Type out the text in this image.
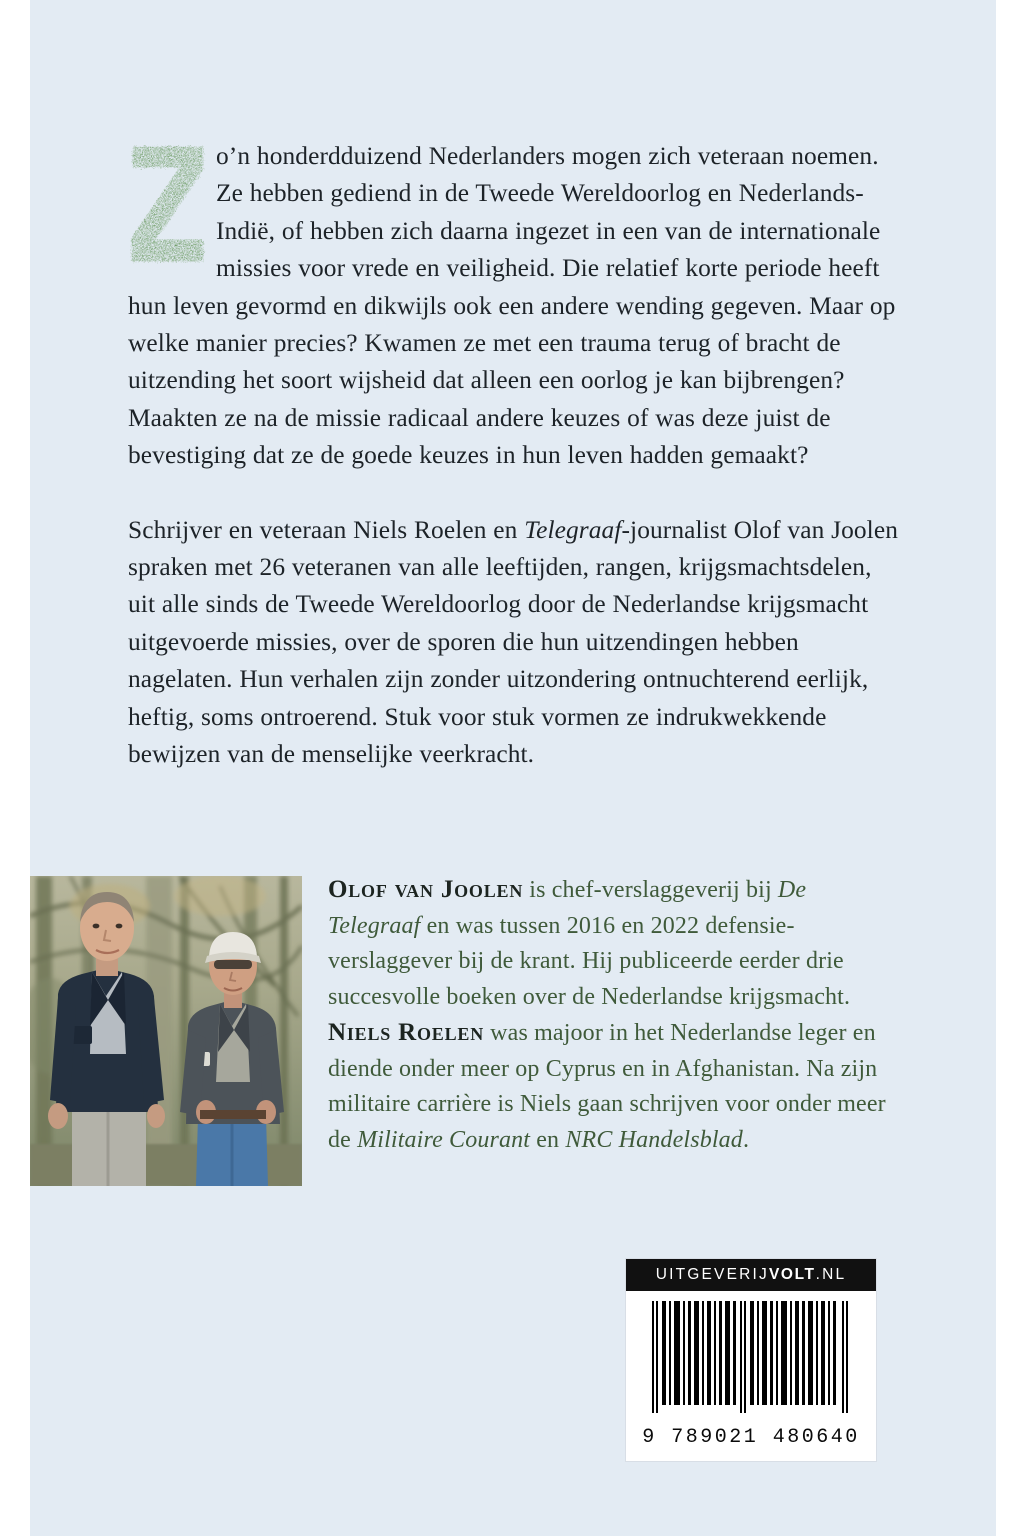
o’n honderdduizend Nederlanders mogen zich veteraan noemen. Ze hebben gediend in de Tweede Wereldoorlog en Nederlands-Indië, of hebben zich daarna ingezet in een van de internationale missies voor vrede en veiligheid. Die relatief korte periode heeft hun leven gevormd en dikwijls ook een andere wending gegeven. Maar op welke manier precies? Kwamen ze met een trauma terug of bracht de uitzending het soort wijsheid dat alleen een oorlog je kan bijbrengen? Maakten ze na de missie radicaal andere keuzes of was deze juist de bevestiging dat ze de goede keuzes in hun leven hadden gemaakt?

Schrijver en veteraan Niels Roelen en Telegraaf-journalist Olof van Joolen spraken met 26 veteranen van alle leeftijden, rangen, krijgsmachtsdelen, uit alle sinds de Tweede Wereldoorlog door de Nederlandse krijgsmacht uitgevoerde missies, over de sporen die hun uitzendingen hebben nagelaten. Hun verhalen zijn zonder uitzondering ontnuchterend eerlijk, heftig, soms ontroerend. Stuk voor stuk vormen ze indrukwekkende bewijzen van de menselijke veerkracht.

Olof van Joolen is chef-verslaggeverij bij De Telegraaf en was tussen 2016 en 2022 defensie-verslaggever bij de krant. Hij publiceerde eerder drie succesvolle boeken over de Nederlandse krijgsmacht. Niels Roelen was majoor in het Nederlandse leger en diende onder meer op Cyprus en in Afghanistan. Na zijn militaire carrière is Niels gaan schrijven voor onder meer de Militaire Courant en NRC Handelsblad.

UITGEVERIJVOLT.NL
9 789021 480640
